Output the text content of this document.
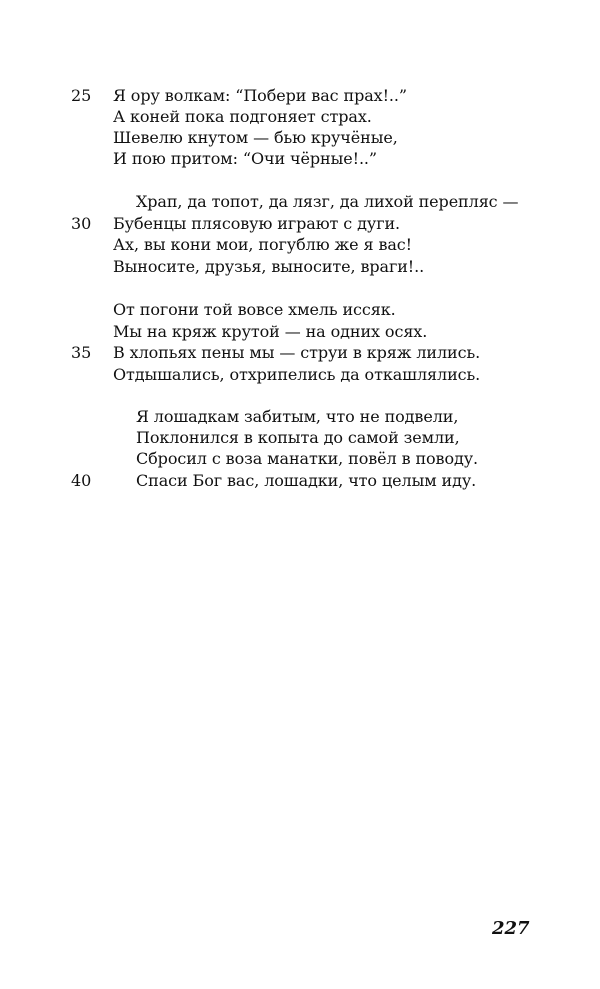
25
30
35
40
Я ору волкам: “Побери вас прах!..”
А коней пока подгоняет страх.
Шевелю кнутом — бью кручёные,
И пою притом: “Очи чёрные!..”
Храп, да топот, да лязг, да лихой перепляс —
Бубенцы плясовую играют с дуги.
Ах, вы кони мои, погублю же я вас!
Выносите, друзья, выносите, враги!..
От погони той вовсе хмель иссяк.
Мы на кряж крутой — на одних осях.
В хлопьях пены мы — струи в кряж лились.
Отдышались, отхрипелись да откашлялись.
Я лошадкам забитым, что не подвели,
Поклонился в копыта до самой земли,
Сбросил с воза манатки, повёл в поводу.
Спаси Бог вас, лошадки, что целым иду.
227
